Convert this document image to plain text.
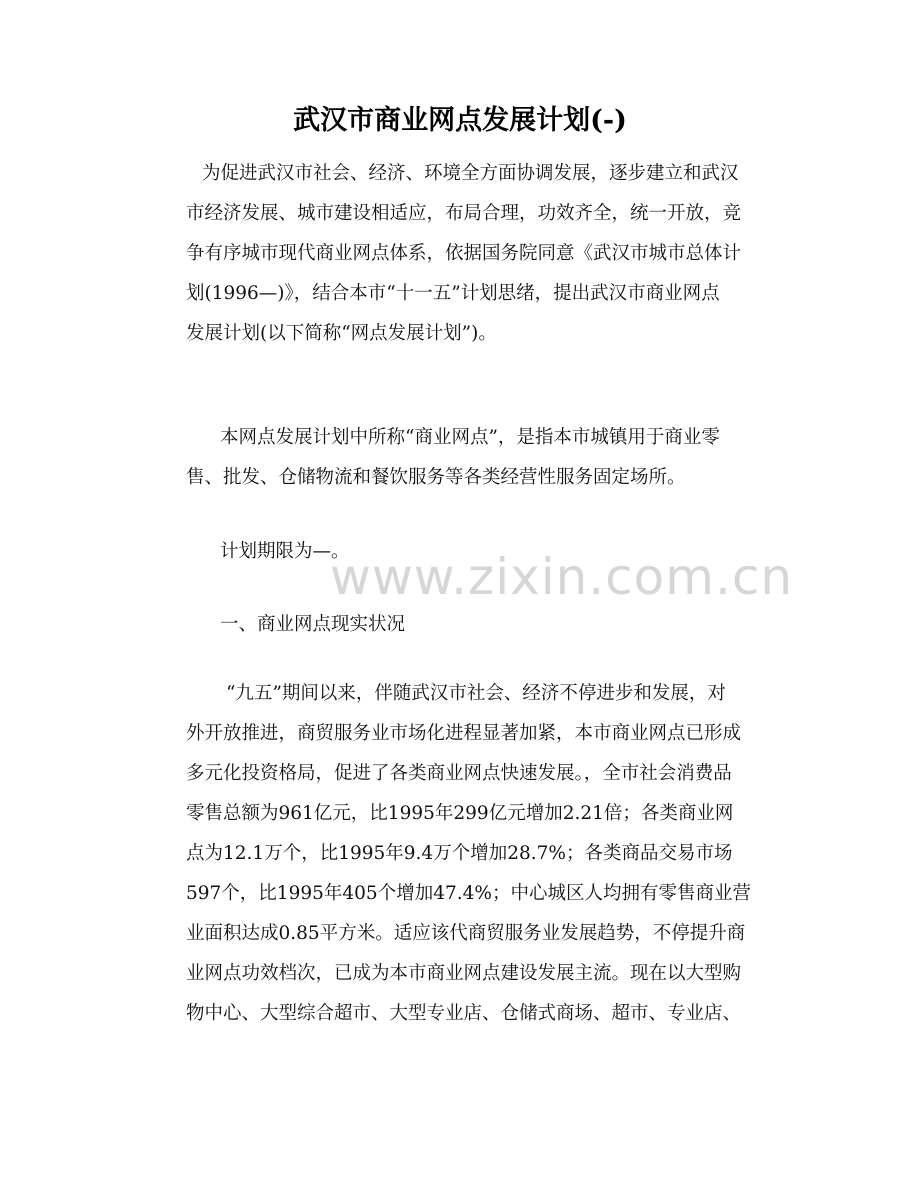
www.zixin.com.cn
武汉市商业网点发展计划(-)
为促进武汉市社会、经济、环境全方面协调发展，逐步建立和武汉
市经济发展、城市建设相适应，布局合理，功效齐全，统一开放，竞
争有序城市现代商业网点体系，依据国务院同意《武汉市城市总体计
划(1996—)》，结合本市“十一五”计划思绪，提出武汉市商业网点
发展计划(以下简称“网点发展计划”)。
本网点发展计划中所称“商业网点”，是指本市城镇用于商业零
售、批发、仓储物流和餐饮服务等各类经营性服务固定场所。
计划期限为—。
一、商业网点现实状况
“九五”期间以来，伴随武汉市社会、经济不停进步和发展，对
外开放推进，商贸服务业市场化进程显著加紧，本市商业网点已形成
多元化投资格局，促进了各类商业网点快速发展。，全市社会消费品
零售总额为961亿元，比1995年299亿元增加2.21倍；各类商业网
点为12.1万个，比1995年9.4万个增加28.7%；各类商品交易市场
597个，比1995年405个增加47.4%；中心城区人均拥有零售商业营
业面积达成0.85平方米。适应该代商贸服务业发展趋势，不停提升商
业网点功效档次，已成为本市商业网点建设发展主流。现在以大型购
物中心、大型综合超市、大型专业店、仓储式商场、超市、专业店、
